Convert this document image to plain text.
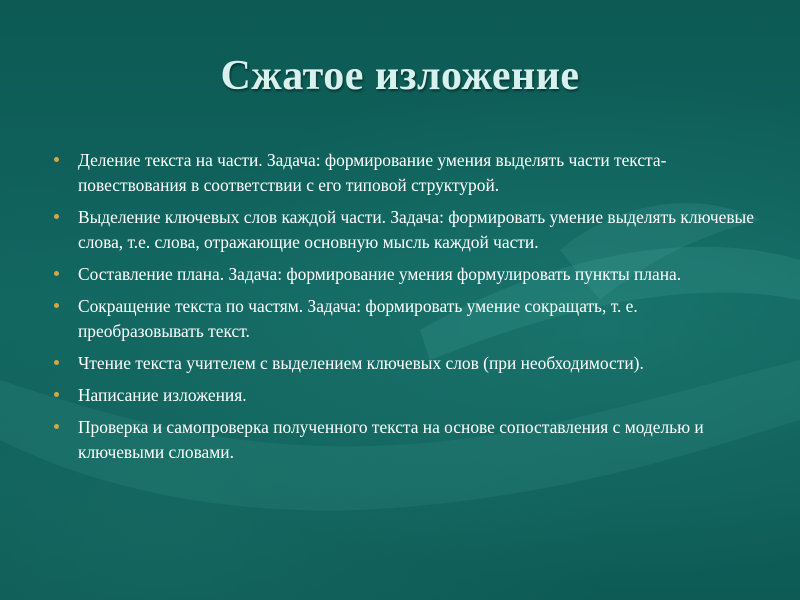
Сжатое изложение
Деление текста на части. Задача: формирование умения выделять части текста-повествования в соответствии с его типовой структурой.
Выделение ключевых слов каждой части. Задача: формировать умение выделять ключевые слова, т.е. слова, отражающие основную мысль каждой части.
Составление плана. Задача: формирование умения формулировать пункты плана.
Сокращение текста по частям. Задача: формировать умение сокращать, т. е. преобразовывать текст.
Чтение текста учителем с выделением ключевых слов (при необходимости).
Написание изложения.
Проверка и самопроверка полученного текста на основе сопоставления с моделью и ключевыми словами.
